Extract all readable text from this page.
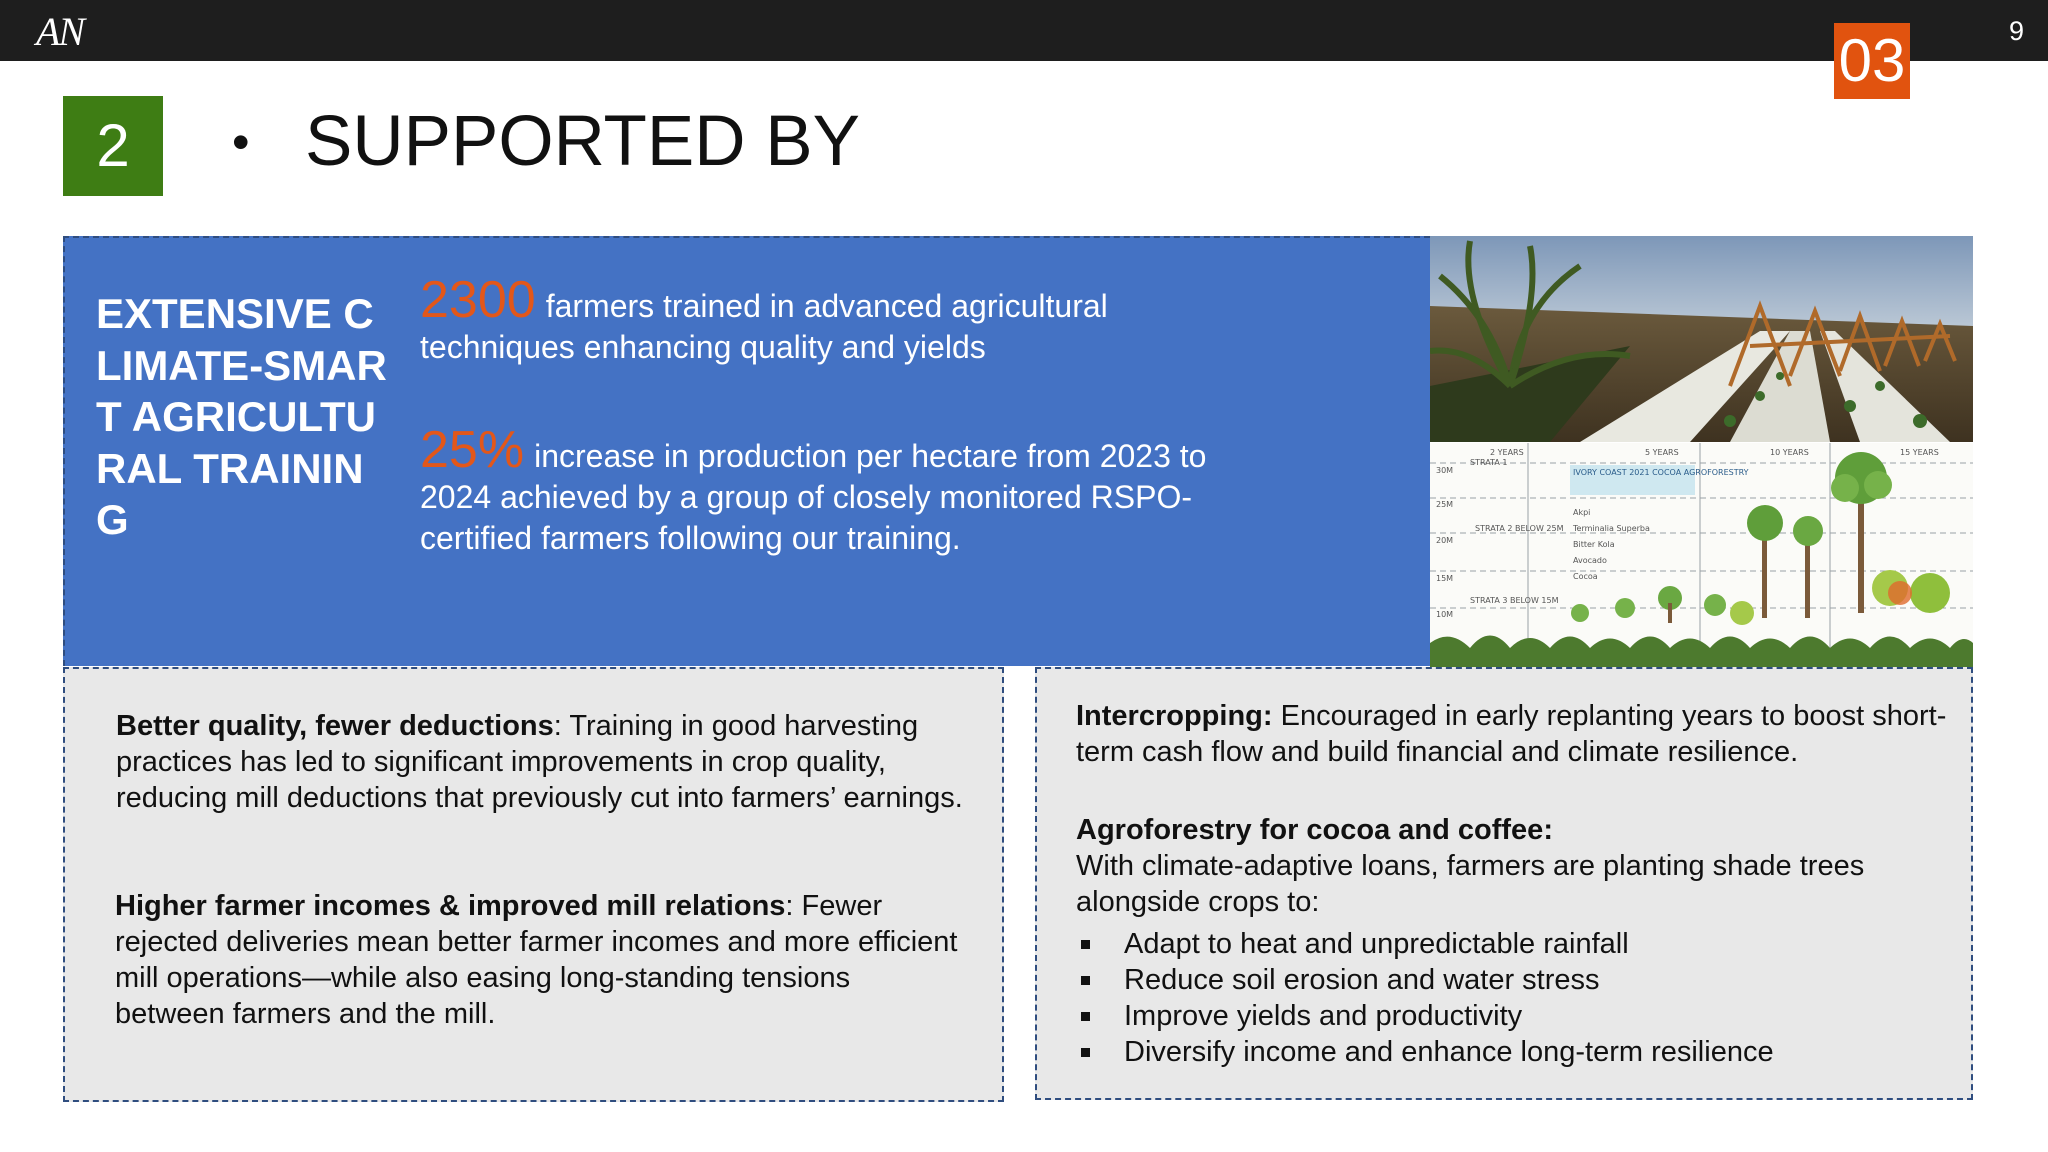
AN	9
03
2	• SUPPORTED BY
EXTENSIVE CLIMATE-SMART AGRICULTURAL TRAINING
2300 farmers trained in advanced agricultural techniques enhancing quality and yields
25% increase in production per hectare from 2023 to 2024 achieved by a group of closely monitored RSPO-certified farmers following our training.
2 YEARS	5 YEARS	10 YEARS	15 YEARS
30M
25M
20M
15M
10M
STRATA 1
STRATA 2 BELOW 25M
STRATA 3 BELOW 15M
IVORY COAST 2021 COCOA AGROFORESTRY
Akpi
Terminalia Superba
Bitter Kola
Avocado
Cocoa
Better quality, fewer deductions: Training in good harvesting practices has led to significant improvements in crop quality, reducing mill deductions that previously cut into farmers’ earnings.
Higher farmer incomes & improved mill relations: Fewer rejected deliveries mean better farmer incomes and more efficient mill operations—while also easing long-standing tensions between farmers and the mill.
Intercropping: Encouraged in early replanting years to boost short-term cash flow and build financial and climate resilience.
Agroforestry for cocoa and coffee:
With climate-adaptive loans, farmers are planting shade trees alongside crops to:
Adapt to heat and unpredictable rainfall
Reduce soil erosion and water stress
Improve yields and productivity
Diversify income and enhance long-term resilience
